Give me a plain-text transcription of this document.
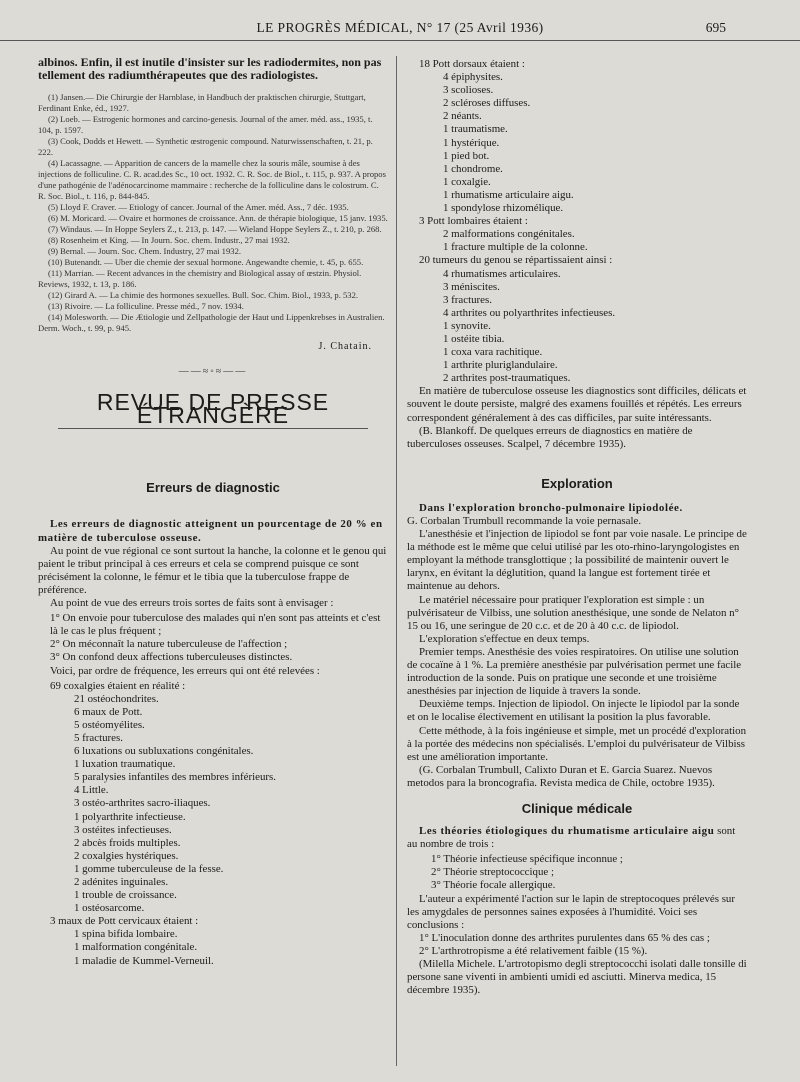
LE PROGRÈS MÉDICAL, N° 17 (25 Avril 1936)	695

albinos. Enfin, il est inutile d'insister sur les radiodermites, non pas tellement des radiumthérapeutes que des radiologistes.

(1) Jansen.— Die Chirurgie der Harnblase, in Handbuch der praktischen chirurgie, Stuttgart, Ferdinant Enke, éd., 1927.

(2) Loeb. — Estrogenic hormones and carcino-genesis. Journal of the amer. méd. ass., 1935, t. 104, p. 1597.

(3) Cook, Dodds et Hewett. — Synthetic œstrogenic compound. Naturwissenschaften, t. 21, p. 222.

(4) Lacassagne. — Apparition de cancers de la mamelle chez la souris mâle, soumise à des injections de folliculine. C. R. acad.des Sc., 10 oct. 1932. C. R. Soc. de Biol., t. 115, p. 937. A propos d'une pathogénie de l'adénocarcinome mammaire : recherche de la folliculine dans le colostrum. C. R. Soc. Biol., t. 116, p. 844-845.

(5) Lloyd F. Craver. — Etiology of cancer. Journal of the Amer. méd. Ass., 7 déc. 1935.

(6) M. Moricard. — Ovaire et hormones de croissance. Ann. de thérapie biologique, 15 janv. 1935.

(7) Windaus. — In Hoppe Seylers Z., t. 213, p. 147. — Wieland Hoppe Seylers Z., t. 210, p. 268.

(8) Rosenheim et King. — In Journ. Soc. chem. Industr., 27 mai 1932.

(9) Bernal. — Journ. Soc. Chem. Industry, 27 mai 1932.

(10) Butenandt. — Uber die chemie der sexual hormone. Angewandte chemie, t. 45, p. 655.

(11) Marrian. — Recent advances in the chemistry and Biological assay of œstzin. Physiol. Reviews, 1932, t. 13, p. 186.

(12) Girard A. — La chimie des hormones sexuelles. Bull. Soc. Chim. Biol., 1933, p. 532.

(13) Rivoire. — La folliculine. Presse méd., 7 nov. 1934.

(14) Molesworth. — Die Ætiologie und Zellpathologie der Haut und Lippenkrebses in Australien. Derm. Woch., t. 99, p. 945.

J. Chatain.

——≈◦≈——
REVUE DE PRESSE ÉTRANGÈRE
Erreurs de diagnostic

Les erreurs de diagnostic atteignent un pourcentage de 20 % en matière de tuberculose osseuse.

Au point de vue régional ce sont surtout la hanche, la colonne et le genou qui paient le tribut principal à ces erreurs et cela se comprend puisque ce sont précisément la colonne, le fémur et le tibia que la tuberculose frappe de préférence.

Au point de vue des erreurs trois sortes de faits sont à envisager :

1° On envoie pour tuberculose des malades qui n'en sont pas atteints et c'est là le cas le plus fréquent ;

2° On méconnaît la nature tuberculeuse de l'affection ;

3° On confond deux affections tuberculeuses distinctes.

Voici, par ordre de fréquence, les erreurs qui ont été relevées :

69 coxalgies étaient en réalité :

21 ostéochondrites.

6 maux de Pott.

5 ostéomyélites.

5 fractures.

6 luxations ou subluxations congénitales.

1 luxation traumatique.

5 paralysies infantiles des membres inférieurs.

4 Little.

3 ostéo-arthrites sacro-iliaques.

1 polyarthrite infectieuse.

3 ostéites infectieuses.

2 abcès froids multiples.

2 coxalgies hystériques.

1 gomme tuberculeuse de la fesse.

2 adénites inguinales.

1 trouble de croissance.

1 ostéosarcome.

3 maux de Pott cervicaux étaient :

1 spina bifida lombaire.

1 malformation congénitale.

1 maladie de Kummel-Verneuil.

18 Pott dorsaux étaient :

4 épiphysites.

3 scolioses.

2 scléroses diffuses.

2 néants.

1 traumatisme.

1 hystérique.

1 pied bot.

1 chondrome.

1 coxalgie.

1 rhumatisme articulaire aigu.

1 spondylose rhizomélique.

3 Pott lombaires étaient :

2 malformations congénitales.

1 fracture multiple de la colonne.

20 tumeurs du genou se répartissaient ainsi :

4 rhumatismes articulaires.

3 méniscites.

3 fractures.

4 arthrites ou polyarthrites infectieuses.

1 synovite.

1 ostéite tibia.

1 coxa vara rachitique.

1 arthrite pluriglandulaire.

2 arthrites post-traumatiques.

En matière de tuberculose osseuse les diagnostics sont difficiles, délicats et souvent le doute persiste, malgré des examens fouillés et répétés. Les erreurs correspondent généralement à des cas difficiles, par suite intéressants.

(B. Blankoff. De quelques erreurs de diagnostics en matière de tuberculoses osseuses. Scalpel, 7 décembre 1935).

Exploration

Dans l'exploration broncho-pulmonaire lipiodolée.

G. Corbalan Trumbull recommande la voie pernasale.

L'anesthésie et l'injection de lipiodol se font par voie nasale. Le principe de la méthode est le même que celui utilisé par les oto-rhino-laryngologistes en employant la méthode transglottique ; la possibilité de maintenir ouvert le larynx, en évitant la déglutition, quand la langue est fortement tirée et maintenue au dehors.

Le matériel nécessaire pour pratiquer l'exploration est simple : un pulvérisateur de Vilbiss, une solution anesthésique, une sonde de Nelaton n° 15 ou 16, une seringue de 20 c.c. et de 20 à 40 c.c. de lipiodol.

L'exploration s'effectue en deux temps.

Premier temps. Anesthésie des voies respiratoires. On utilise une solution de cocaïne à 1 %. La première anesthésie par pulvérisation permet une facile introduction de la sonde. Puis on pratique une seconde et une troisième anesthésies par injection de liquide à travers la sonde.

Deuxième temps. Injection de lipiodol. On injecte le lipiodol par la sonde et on le localise électivement en utilisant la position la plus favorable.

Cette méthode, à la fois ingénieuse et simple, met un procédé d'exploration à la portée des médecins non spécialisés. L'emploi du pulvérisateur de Vilbiss est une amélioration importante.

(G. Corbalan Trumbull, Calixto Duran et E. Garcia Suarez. Nuevos metodos para la broncografia. Revista medica de Chile, octobre 1935).

Clinique médicale

Les théories étiologiques du rhumatisme articulaire aigu sont au nombre de trois :

1° Théorie infectieuse spécifique inconnue ;

2° Théorie streptococcique ;

3° Théorie focale allergique.

L'auteur a expérimenté l'action sur le lapin de streptocoques prélevés sur les amygdales de personnes saines exposées à l'humidité. Voici ses conclusions :

1° L'inoculation donne des arthrites purulentes dans 65 % des cas ;

2° L'arthrotropisme a été relativement faible (15 %).

(Milella Michele. L'artrotopismo degli streptococchi isolati dalle tonsille di persone sane viventi in ambienti umidi ed asciutti. Minerva medica, 15 décembre 1935).
